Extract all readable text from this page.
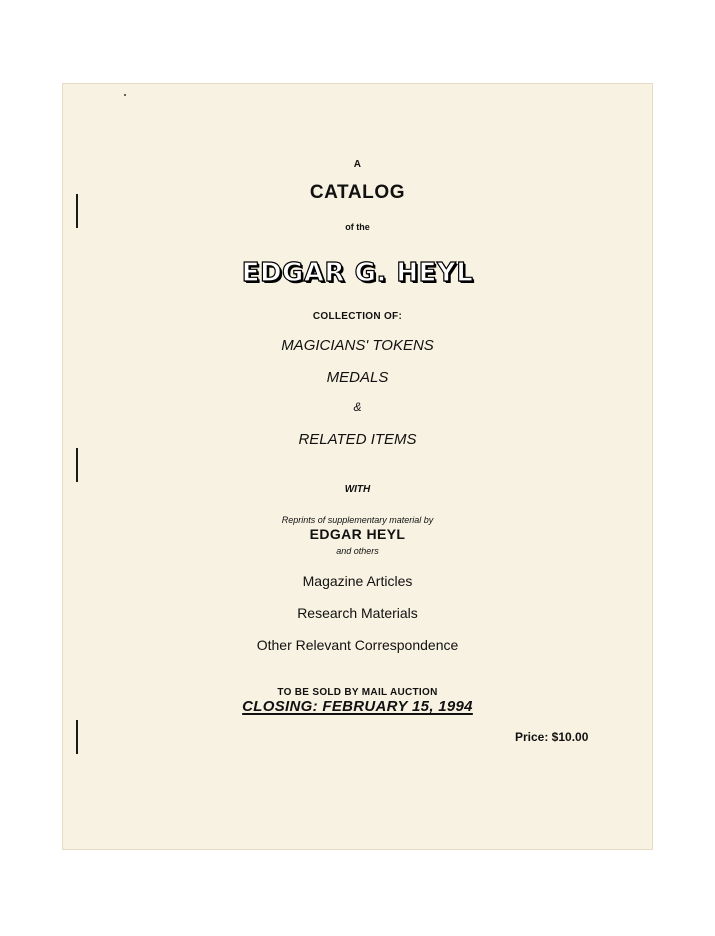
A
CATALOG
of the
EDGAR G. HEYL
COLLECTION OF:
MAGICIANS' TOKENS
MEDALS
&
RELATED ITEMS
WITH
Reprints of supplementary material by
EDGAR HEYL
and others
Magazine Articles
Research Materials
Other Relevant Correspondence
TO BE SOLD BY MAIL AUCTION
CLOSING: FEBRUARY 15, 1994
Price: $10.00
